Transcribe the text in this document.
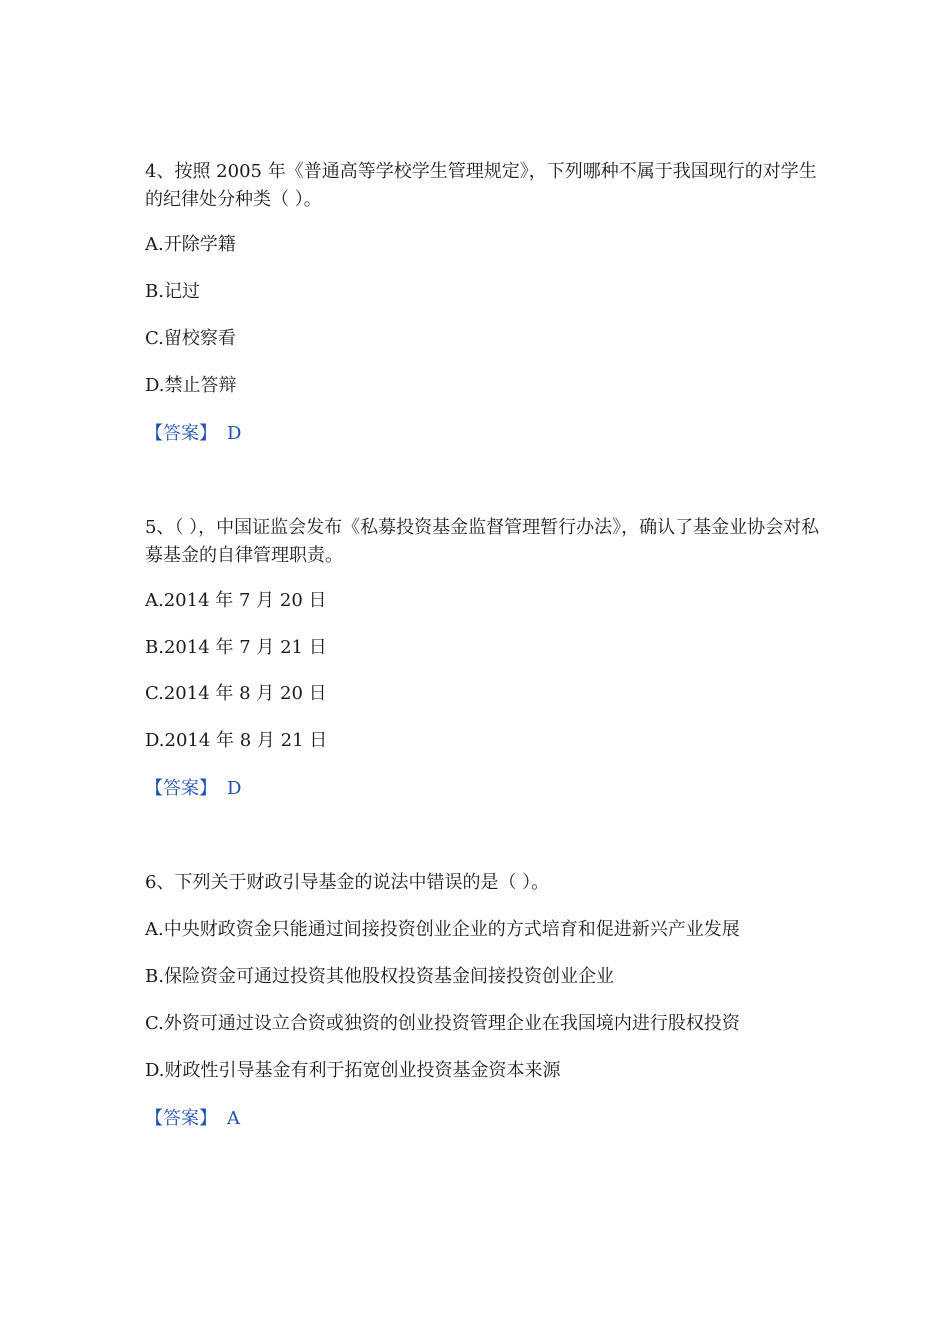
4、按照 2005 年《普通高等学校学生管理规定》，下列哪种不属于我国现行的对学生的纪律处分种类（ ）。

A.开除学籍

B.记过

C.留校察看

D.禁止答辩

【答案】 D

5、（ ），中国证监会发布《私募投资基金监督管理暂行办法》，确认了基金业协会对私募基金的自律管理职责。

A.2014 年 7 月 20 日

B.2014 年 7 月 21 日

C.2014 年 8 月 20 日

D.2014 年 8 月 21 日

【答案】 D

6、下列关于财政引导基金的说法中错误的是（ ）。

A.中央财政资金只能通过间接投资创业企业的方式培育和促进新兴产业发展

B.保险资金可通过投资其他股权投资基金间接投资创业企业

C.外资可通过设立合资或独资的创业投资管理企业在我国境内进行股权投资

D.财政性引导基金有利于拓宽创业投资基金资本来源

【答案】 A
